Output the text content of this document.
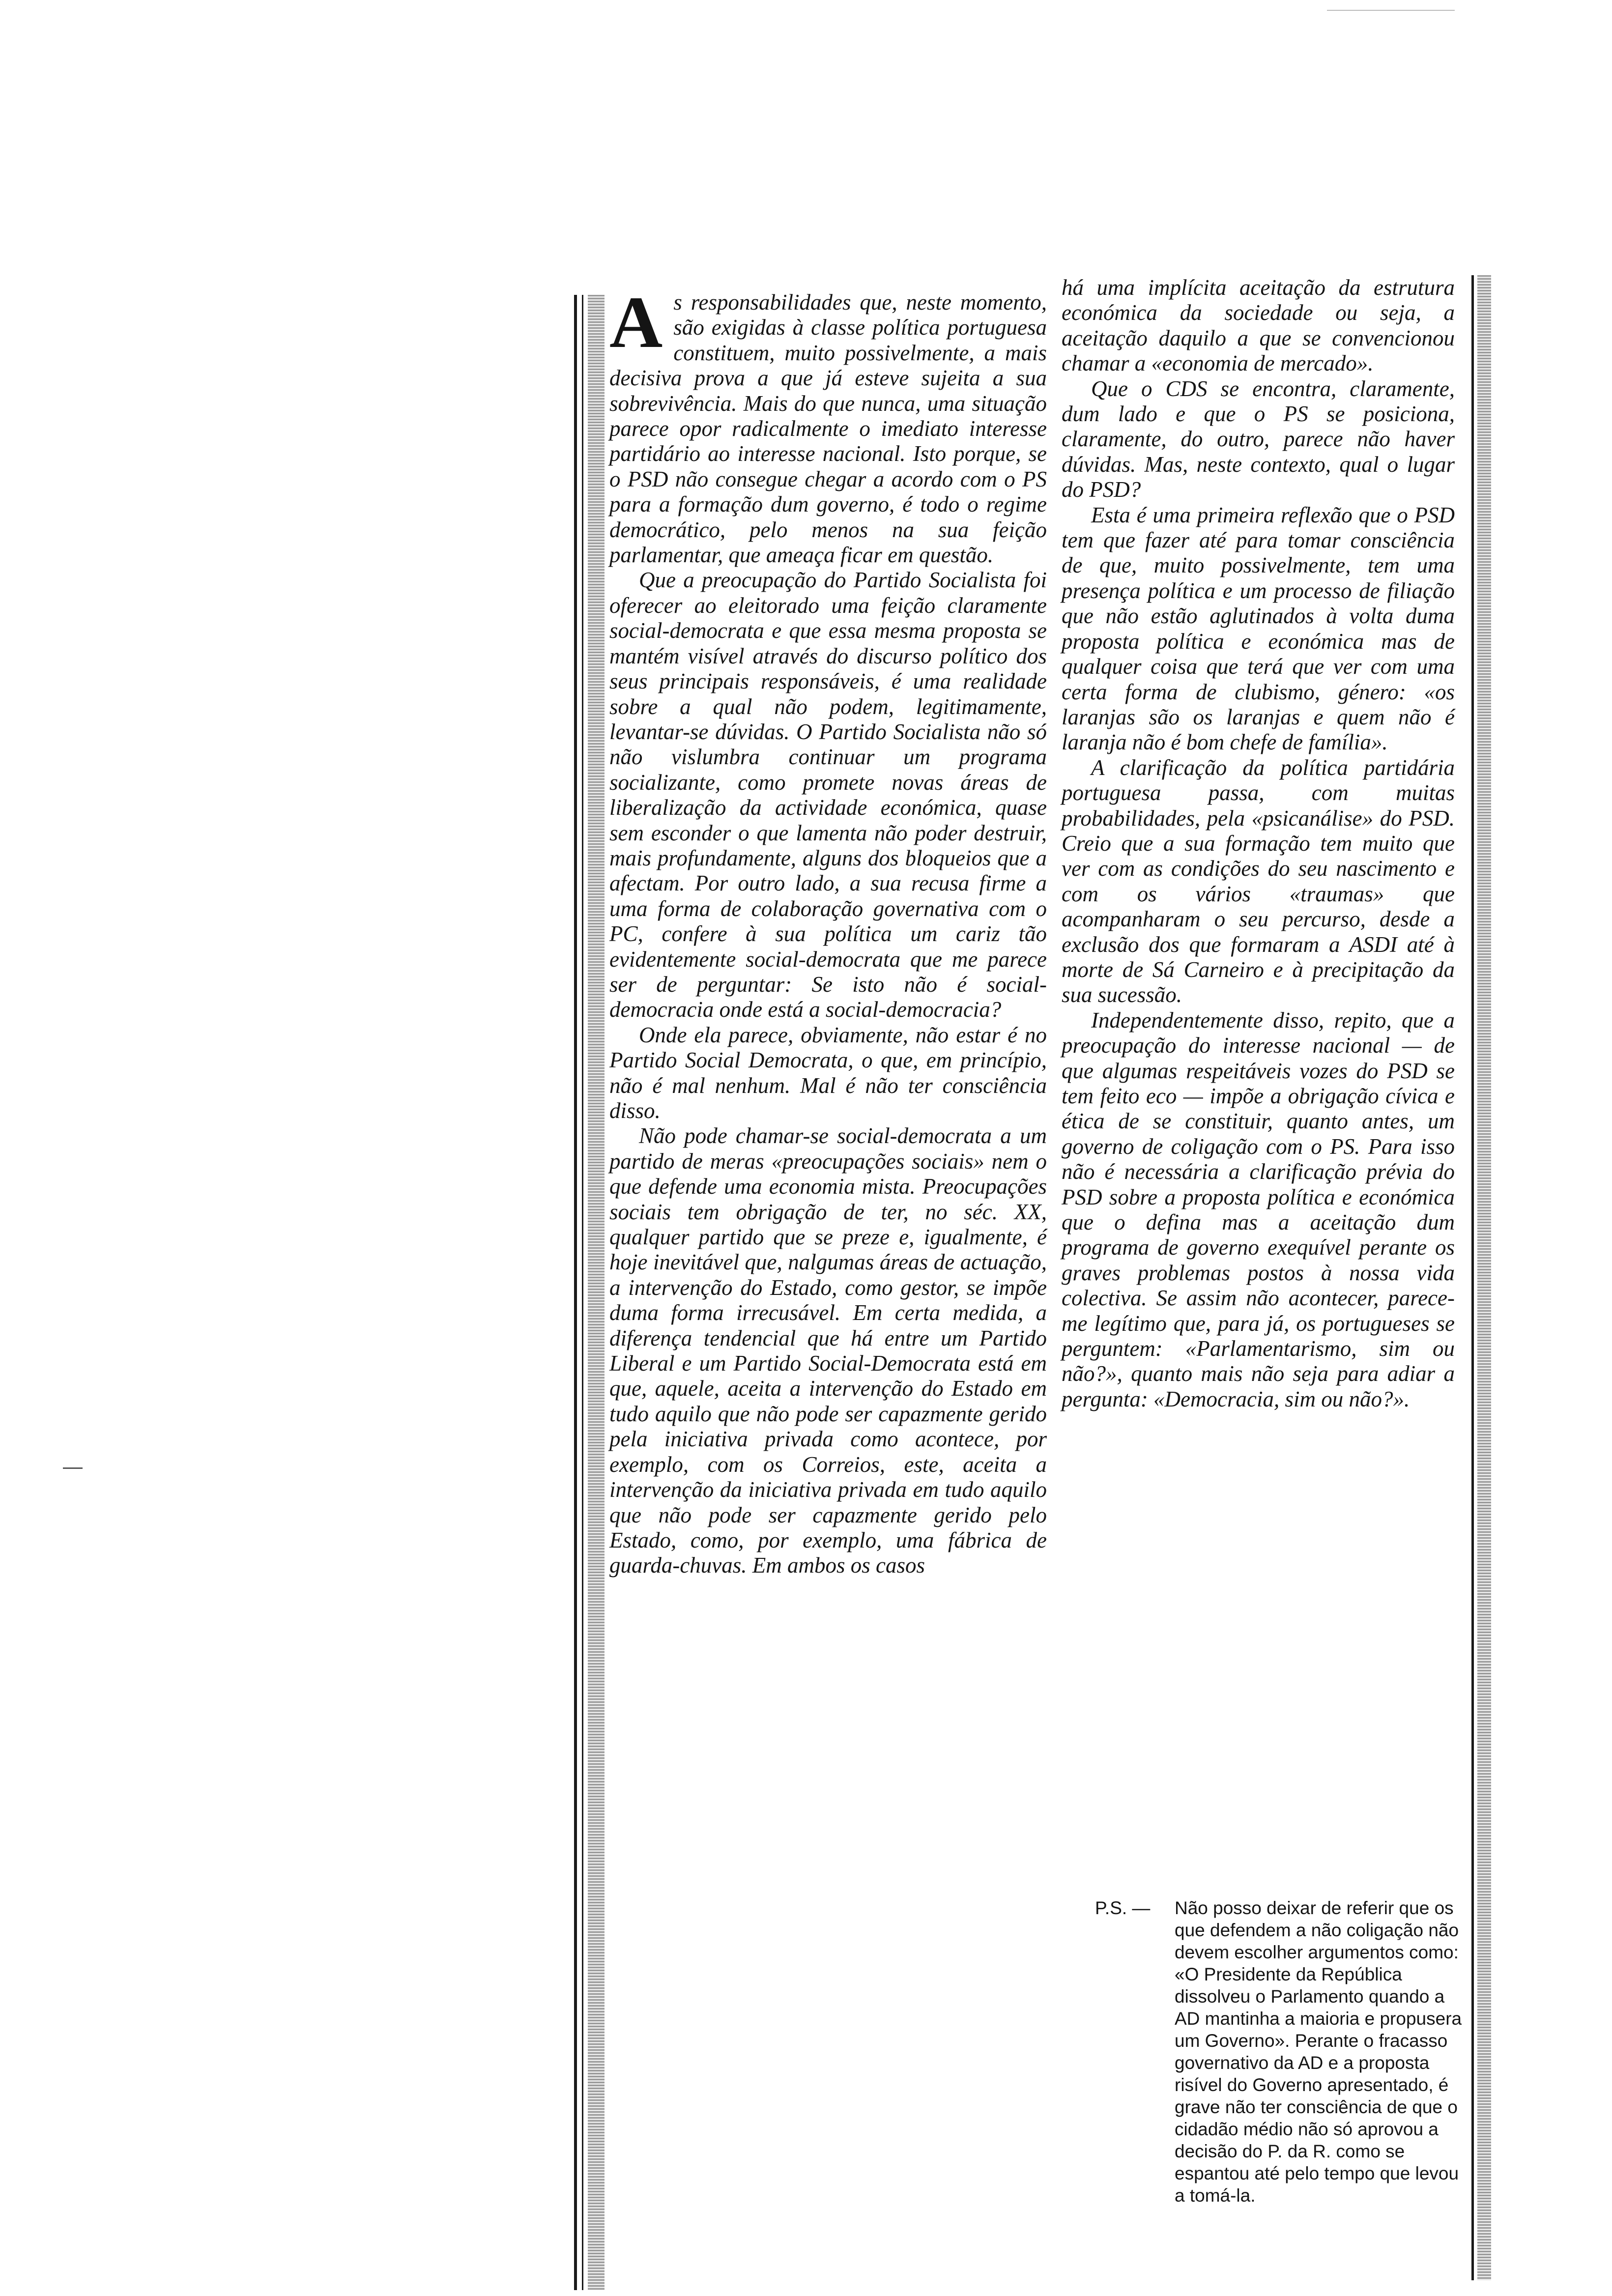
As responsabilidades que, neste momento, são exigidas à classe política portuguesa constituem, muito possivelmente, a mais decisiva prova a que já esteve sujeita a sua sobrevivência. Mais do que nunca, uma situação parece opor radicalmente o imediato interesse partidário ao interesse nacional. Isto porque, se o PSD não consegue chegar a acordo com o PS para a formação dum governo, é todo o regime democrático, pelo menos na sua feição parlamentar, que ameaça ficar em questão.

Que a preocupação do Partido Socialista foi oferecer ao eleitorado uma feição claramente social-democrata e que essa mesma proposta se mantém visível através do discurso político dos seus principais responsáveis, é uma realidade sobre a qual não podem, legitimamente, levantar-se dúvidas. O Partido Socialista não só não vislumbra continuar um programa socializante, como promete novas áreas de liberalização da actividade económica, quase sem esconder o que lamenta não poder destruir, mais profundamente, alguns dos bloqueios que a afectam. Por outro lado, a sua recusa firme a uma forma de colaboração governativa com o PC, confere à sua política um cariz tão evidentemente social-democrata que me parece ser de perguntar: Se isto não é social-democracia onde está a social-democracia?

Onde ela parece, obviamente, não estar é no Partido Social Democrata, o que, em princípio, não é mal nenhum. Mal é não ter consciência disso.

Não pode chamar-se social-democrata a um partido de meras «preocupações sociais» nem o que defende uma economia mista. Preocupações sociais tem obrigação de ter, no séc. XX, qualquer partido que se preze e, igualmente, é hoje inevitável que, nalgumas áreas de actuação, a intervenção do Estado, como gestor, se impõe duma forma irrecusável. Em certa medida, a diferença tendencial que há entre um Partido Liberal e um Partido Social-Democrata está em que, aquele, aceita a intervenção do Estado em tudo aquilo que não pode ser capazmente gerido pela iniciativa privada como acontece, por exemplo, com os Correios, este, aceita a intervenção da iniciativa privada em tudo aquilo que não pode ser capazmente gerido pelo Estado, como, por exemplo, uma fábrica de guarda-chuvas. Em ambos os casos

há uma implícita aceitação da estrutura económica da sociedade ou seja, a aceitação daquilo a que se convencionou chamar a «economia de mercado».

Que o CDS se encontra, claramente, dum lado e que o PS se posiciona, claramente, do outro, parece não haver dúvidas. Mas, neste contexto, qual o lugar do PSD?

Esta é uma primeira reflexão que o PSD tem que fazer até para tomar consciência de que, muito possivelmente, tem uma presença política e um processo de filiação que não estão aglutinados à volta duma proposta política e económica mas de qualquer coisa que terá que ver com uma certa forma de clubismo, género: «os laranjas são os laranjas e quem não é laranja não é bom chefe de família».

A clarificação da política partidária portuguesa passa, com muitas probabilidades, pela «psicanálise» do PSD. Creio que a sua formação tem muito que ver com as condições do seu nascimento e com os vários «traumas» que acompanharam o seu percurso, desde a exclusão dos que formaram a ASDI até à morte de Sá Carneiro e à precipitação da sua sucessão.

Independentemente disso, repito, que a preocupação do interesse nacional — de que algumas respeitáveis vozes do PSD se tem feito eco — impõe a obrigação cívica e ética de se constituir, quanto antes, um governo de coligação com o PS. Para isso não é necessária a clarificação prévia do PSD sobre a proposta política e económica que o defina mas a aceitação dum programa de governo exequível perante os graves problemas postos à nossa vida colectiva. Se assim não acontecer, parece-me legítimo que, para já, os portugueses se perguntem: «Parlamentarismo, sim ou não?», quanto mais não seja para adiar a pergunta: «Democracia, sim ou não?».

P.S. —	Não posso deixar de referir que os que defendem a não coligação não devem escolher argumentos como: «O Presidente da República dissolveu o Parlamento quando a AD mantinha a maioria e propusera um Governo». Perante o fracasso governativo da AD e a proposta risível do Governo apresentado, é grave não ter consciência de que o cidadão médio não só aprovou a decisão do P. da R. como se espantou até pelo tempo que levou a tomá-la.
